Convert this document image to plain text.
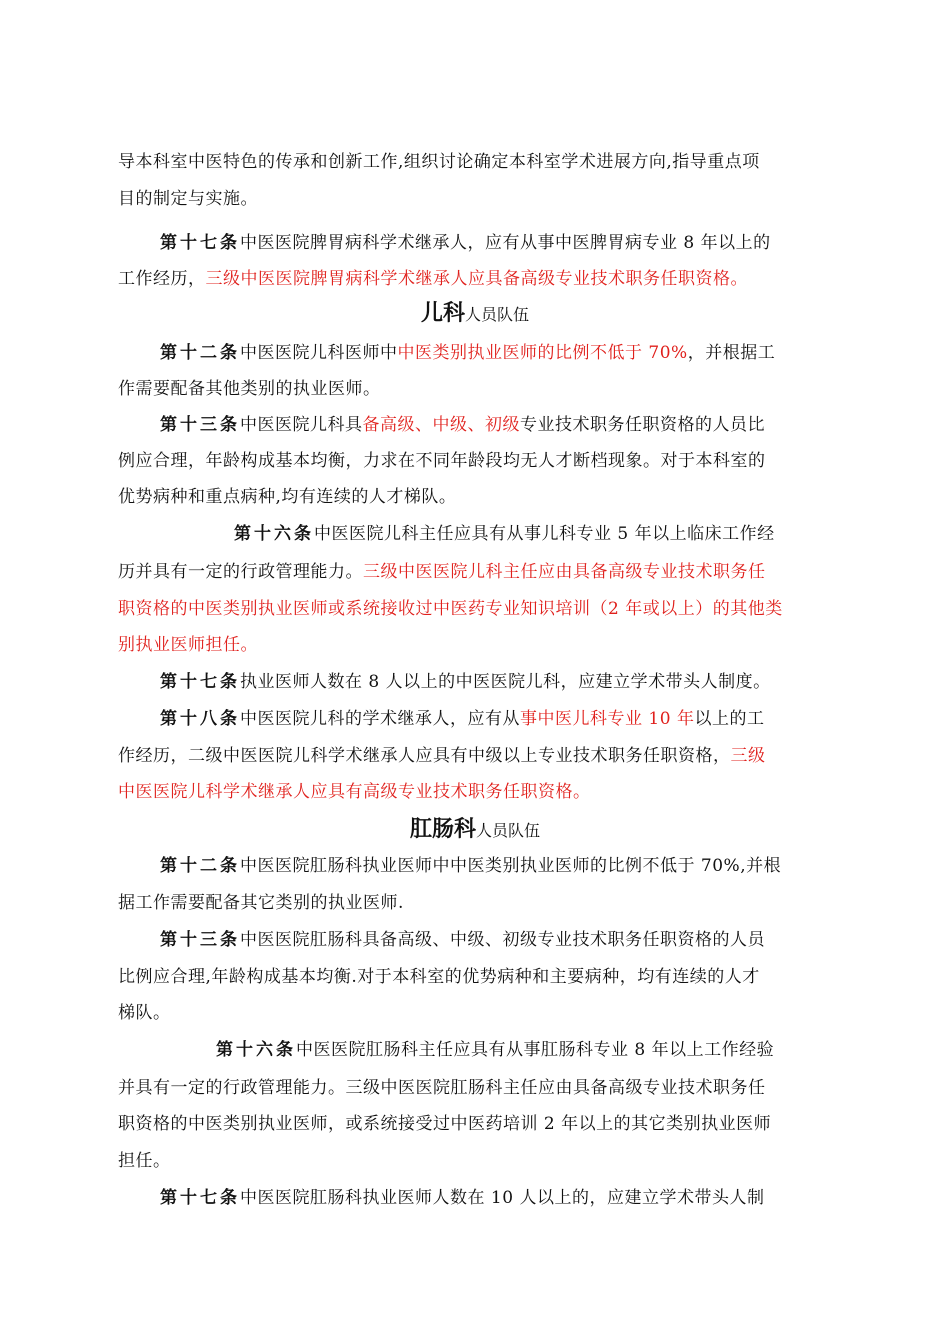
导本科室中医特色的传承和创新工作,组织讨论确定本科室学术进展方向,指导重点项
目的制定与实施。
第十七条中医医院脾胃病科学术继承人，应有从事中医脾胃病专业 8 年以上的
工作经历，三级中医医院脾胃病科学术继承人应具备高级专业技术职务任职资格。
儿科人员队伍
第十二条中医医院儿科医师中中医类别执业医师的比例不低于 70%，并根据工
作需要配备其他类别的执业医师。
第十三条中医医院儿科具备高级、中级、初级专业技术职务任职资格的人员比
例应合理，年龄构成基本均衡，力求在不同年龄段均无人才断档现象。对于本科室的
优势病种和重点病种,均有连续的人才梯队。
第十六条中医医院儿科主任应具有从事儿科专业 5 年以上临床工作经
历并具有一定的行政管理能力。三级中医医院儿科主任应由具备高级专业技术职务任
职资格的中医类别执业医师或系统接收过中医药专业知识培训（2 年或以上）的其他类
别执业医师担任。
第十七条执业医师人数在 8 人以上的中医医院儿科，应建立学术带头人制度。
第十八条中医医院儿科的学术继承人，应有从事中医儿科专业 10 年以上的工
作经历，二级中医医院儿科学术继承人应具有中级以上专业技术职务任职资格，三级
中医医院儿科学术继承人应具有高级专业技术职务任职资格。
肛肠科人员队伍
第十二条中医医院肛肠科执业医师中中医类别执业医师的比例不低于 70%,并根
据工作需要配备其它类别的执业医师.
第十三条中医医院肛肠科具备高级、中级、初级专业技术职务任职资格的人员
比例应合理,年龄构成基本均衡.对于本科室的优势病种和主要病种，均有连续的人才
梯队。
第十六条中医医院肛肠科主任应具有从事肛肠科专业 8 年以上工作经验
并具有一定的行政管理能力。三级中医医院肛肠科主任应由具备高级专业技术职务任
职资格的中医类别执业医师，或系统接受过中医药培训 2 年以上的其它类别执业医师
担任。
第十七条中医医院肛肠科执业医师人数在 10 人以上的，应建立学术带头人制
